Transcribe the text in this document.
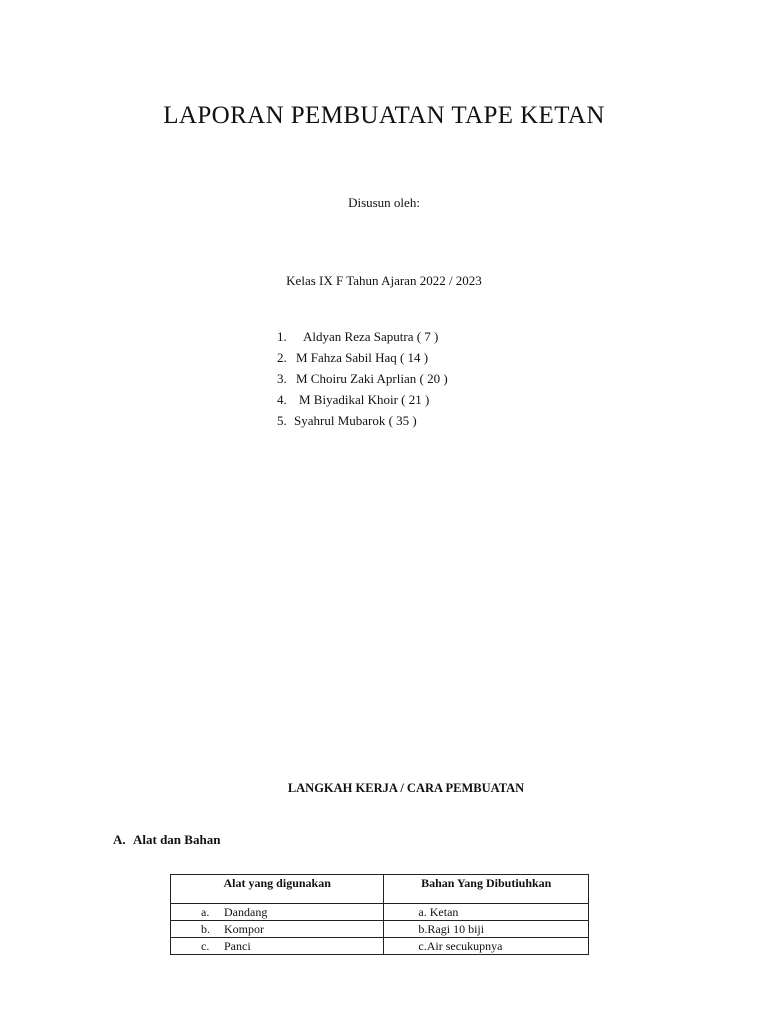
LAPORAN PEMBUATAN TAPE KETAN
Disusun oleh:
Kelas IX F Tahun Ajaran 2022 / 2023
1. Aldyan Reza Saputra ( 7 )
2. M Fahza Sabil Haq ( 14 )
3. M Choiru Zaki Aprlian ( 20 )
4. M Biyadikal Khoir ( 21 )
5. Syahrul Mubarok ( 35 )
LANGKAH KERJA / CARA PEMBUATAN
A. Alat dan Bahan
Alat yang digunakan	Bahan Yang Dibutiuhkan
a. Dandang	a. Ketan
b. Kompor	b.Ragi 10 biji
c. Panci	c.Air secukupnya
